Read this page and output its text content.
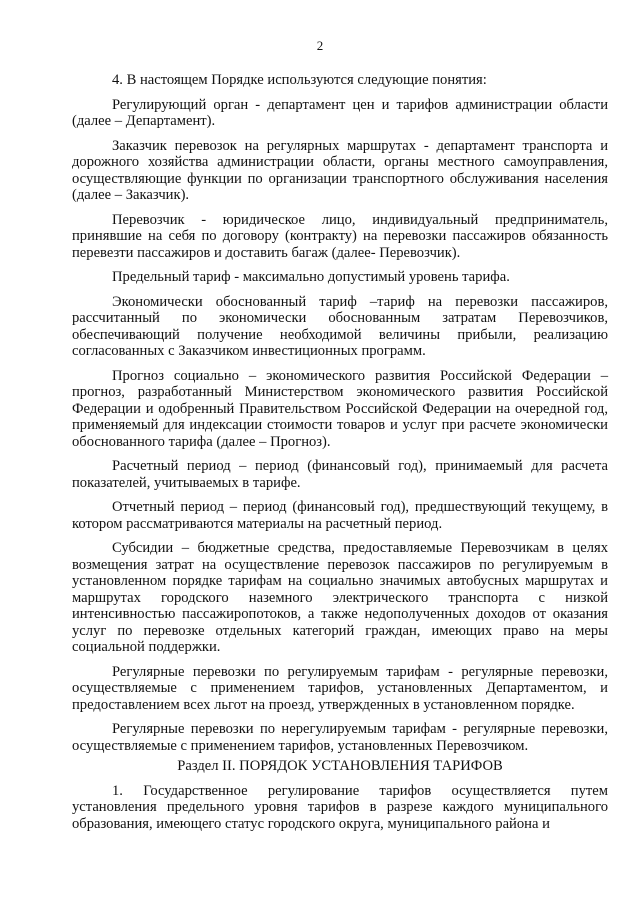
2

4. В настоящем Порядке используются следующие понятия:

Регулирующий орган - департамент цен и тарифов администрации области (далее – Департамент).

Заказчик перевозок на регулярных маршрутах - департамент транспорта и дорожного хозяйства администрации области, органы местного самоуправления, осуществляющие функции по организации транспортного обслуживания населения (далее – Заказчик).

Перевозчик - юридическое лицо, индивидуальный предприниматель, принявшие на себя по договору (контракту) на перевозки пассажиров обязанность перевезти пассажиров и доставить багаж (далее- Перевозчик).

Предельный тариф - максимально допустимый уровень тарифа.

Экономически обоснованный тариф –тариф на перевозки пассажиров, рассчитанный по экономически обоснованным затратам Перевозчиков, обеспечивающий получение необходимой величины прибыли, реализацию согласованных с Заказчиком инвестиционных программ.

Прогноз социально – экономического развития Российской Федерации – прогноз, разработанный Министерством экономического развития Российской Федерации и одобренный Правительством Российской Федерации на очередной год, применяемый для индексации стоимости товаров и услуг при расчете экономически обоснованного тарифа (далее – Прогноз).

Расчетный период – период (финансовый год), принимаемый для расчета показателей, учитываемых в тарифе.

Отчетный период – период (финансовый год), предшествующий текущему, в котором рассматриваются материалы на расчетный период.

Субсидии – бюджетные средства, предоставляемые Перевозчикам в целях возмещения затрат на осуществление перевозок пассажиров по регулируемым в установленном порядке тарифам на социально значимых автобусных маршрутах и маршрутах городского наземного электрического транспорта с низкой интенсивностью пассажиропотоков, а также недополученных доходов от оказания услуг по перевозке отдельных категорий граждан, имеющих право на меры социальной поддержки.

Регулярные перевозки по регулируемым тарифам - регулярные перевозки, осуществляемые с применением тарифов, установленных Департаментом, и предоставлением всех льгот на проезд, утвержденных в установленном порядке.

Регулярные перевозки по нерегулируемым тарифам - регулярные перевозки, осуществляемые с применением тарифов, установленных Перевозчиком.

Раздел II. ПОРЯДОК УСТАНОВЛЕНИЯ ТАРИФОВ

1. Государственное регулирование тарифов осуществляется путем установления предельного уровня тарифов в разрезе каждого муниципального образования, имеющего статус городского округа, муниципального района и
